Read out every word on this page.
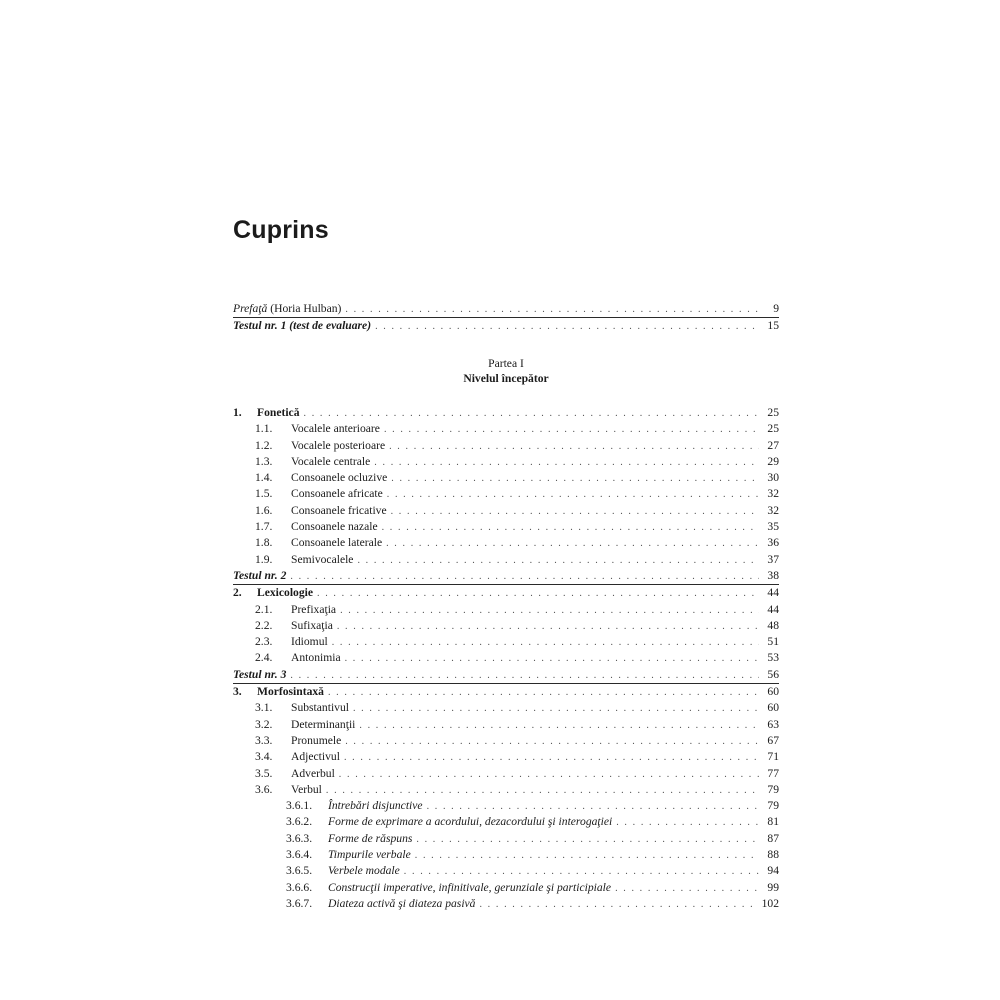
Cuprins
Prefaţă (Horia Hulban) . . .	9
Testul nr. 1 (test de evaluare) . . .	15
Partea I
Nivelul începător
1.	Fonetică . . .	25
1.1.	Vocalele anterioare . . .	25
1.2.	Vocalele posterioare . . .	27
1.3.	Vocalele centrale . . .	29
1.4.	Consoanele ocluzive . . .	30
1.5.	Consoanele africate . . .	32
1.6.	Consoanele fricative . . .	32
1.7.	Consoanele nazale . . .	35
1.8.	Consoanele laterale . . .	36
1.9.	Semivocalele . . .	37
Testul nr. 2 . . .	38
2.	Lexicologie . . .	44
2.1.	Prefixaţia . . .	44
2.2.	Sufixaţia . . .	48
2.3.	Idiomul . . .	51
2.4.	Antonimia . . .	53
Testul nr. 3 . . .	56
3.	Morfosintaxă . . .	60
3.1.	Substantivul . . .	60
3.2.	Determinanţii . . .	63
3.3.	Pronumele . . .	67
3.4.	Adjectivul . . .	71
3.5.	Adverbul . . .	77
3.6.	Verbul . . .	79
3.6.1.	Întrebări disjunctive . . .	79
3.6.2.	Forme de exprimare a acordului, dezacordului şi interogaţiei . . .	81
3.6.3.	Forme de răspuns . . .	87
3.6.4.	Timpurile verbale . . .	88
3.6.5.	Verbele modale . . .	94
3.6.6.	Construcţii imperative, infinitivale, gerunziale şi participiale . . .	99
3.6.7.	Diateza activă şi diateza pasivă . . .	102
